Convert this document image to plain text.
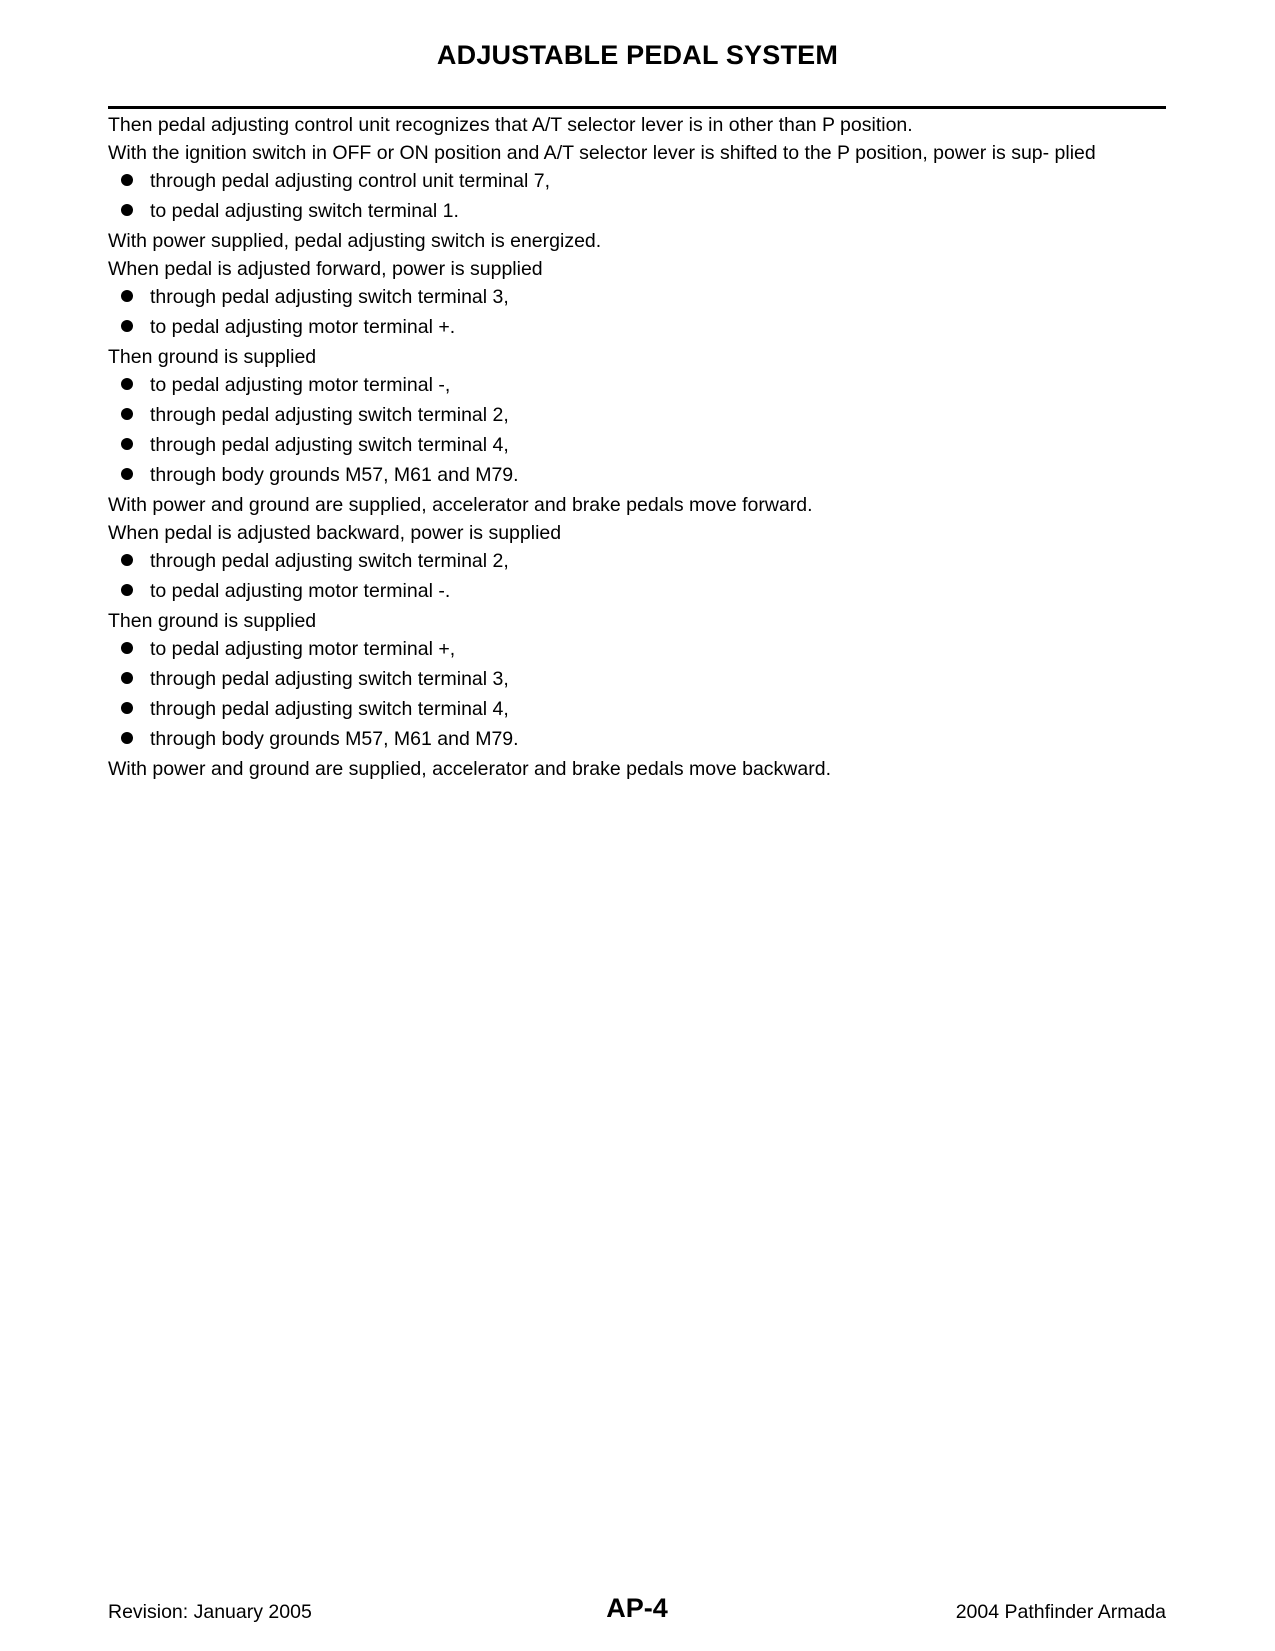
ADJUSTABLE PEDAL SYSTEM
Then pedal adjusting control unit recognizes that A/T selector lever is in other than P position.
With the ignition switch in OFF or ON position and A/T selector lever is shifted to the P position, power is sup- plied
through pedal adjusting control unit terminal 7,
to pedal adjusting switch terminal 1.
With power supplied, pedal adjusting switch is energized.
When pedal is adjusted forward, power is supplied
through pedal adjusting switch terminal 3,
to pedal adjusting motor terminal +.
Then ground is supplied
to pedal adjusting motor terminal -,
through pedal adjusting switch terminal 2,
through pedal adjusting switch terminal 4,
through body grounds M57, M61 and M79.
With power and ground are supplied, accelerator and brake pedals move forward.
When pedal is adjusted backward, power is supplied
through pedal adjusting switch terminal 2,
to pedal adjusting motor terminal -.
Then ground is supplied
to pedal adjusting motor terminal +,
through pedal adjusting switch terminal 3,
through pedal adjusting switch terminal 4,
through body grounds M57, M61 and M79.
With power and ground are supplied, accelerator and brake pedals move backward.
Revision: January 2005	AP-4	2004 Pathfinder Armada
